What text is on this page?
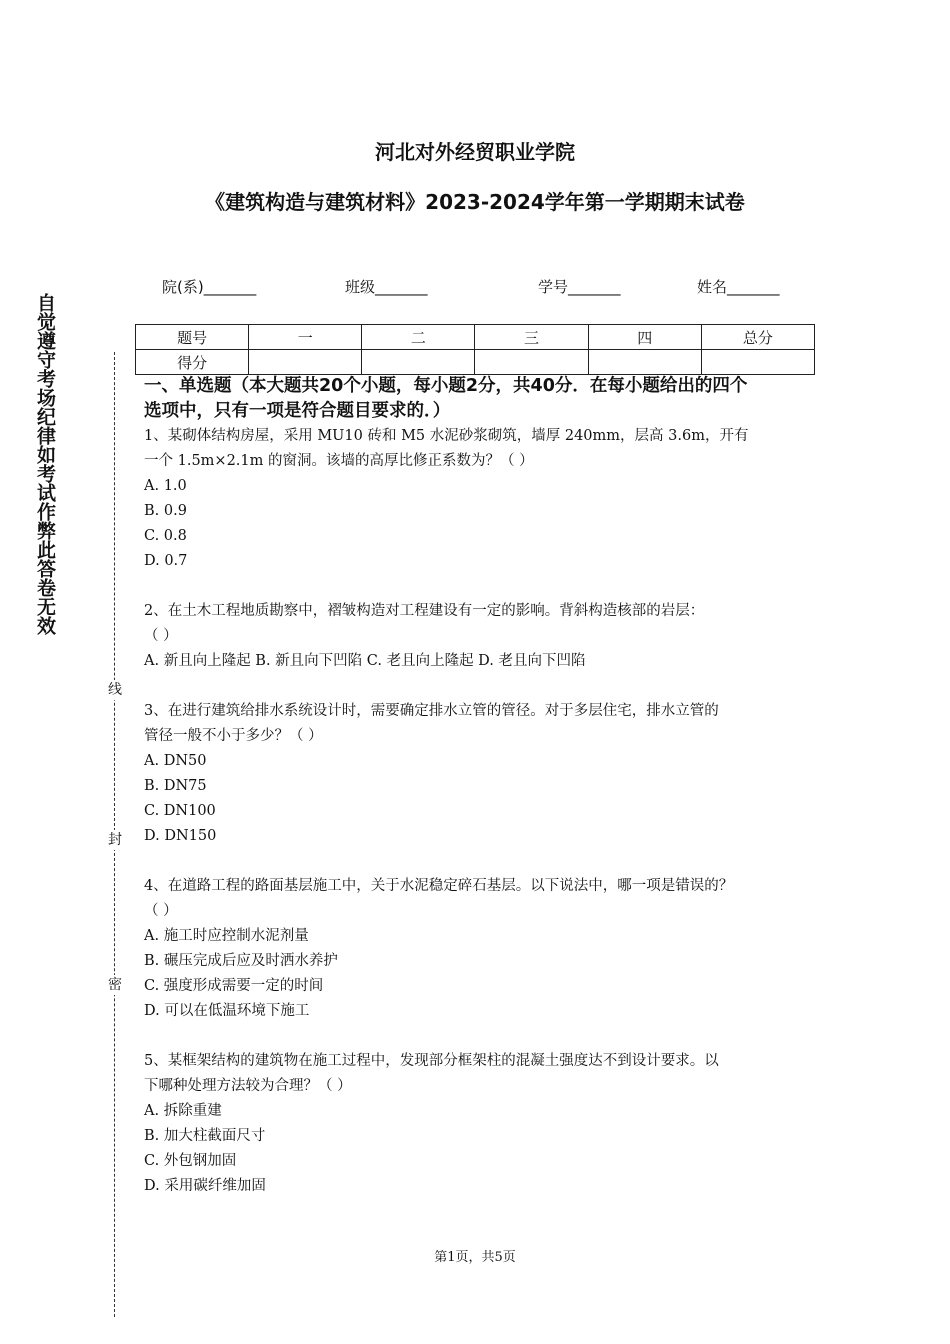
河北对外经贸职业学院
《建筑构造与建筑材料》2023-2024学年第一学期期末试卷
院(系)_______	班级_______	学号_______	姓名_______
题号	一	二	三	四	总分
得分					
自觉遵守考场纪律如考试作弊此答卷无效
线
封
密

一、单选题（本大题共20个小题，每小题2分，共40分．在每小题给出的四个

选项中，只有一项是符合题目要求的．）

1、某砌体结构房屋，采用 MU10 砖和 M5 水泥砂浆砌筑，墙厚 240mm，层高 3.6m，开有
一个 1.5m×2.1m 的窗洞。该墙的高厚比修正系数为？（ ）
A. 1.0
B. 0.9
C. 0.8
D. 0.7
2、在土木工程地质勘察中，褶皱构造对工程建设有一定的影响。背斜构造核部的岩层：
（ ）
A. 新且向上隆起 B. 新且向下凹陷 C. 老且向上隆起 D. 老且向下凹陷
3、在进行建筑给排水系统设计时，需要确定排水立管的管径。对于多层住宅，排水立管的
管径一般不小于多少？（ ）
A. DN50
B. DN75
C. DN100
D. DN150
4、在道路工程的路面基层施工中，关于水泥稳定碎石基层。以下说法中，哪一项是错误的？
（ ）
A. 施工时应控制水泥剂量
B. 碾压完成后应及时洒水养护
C. 强度形成需要一定的时间
D. 可以在低温环境下施工
5、某框架结构的建筑物在施工过程中，发现部分框架柱的混凝土强度达不到设计要求。以
下哪种处理方法较为合理？（ ）
A. 拆除重建
B. 加大柱截面尺寸
C. 外包钢加固
D. 采用碳纤维加固
第1页，共5页
